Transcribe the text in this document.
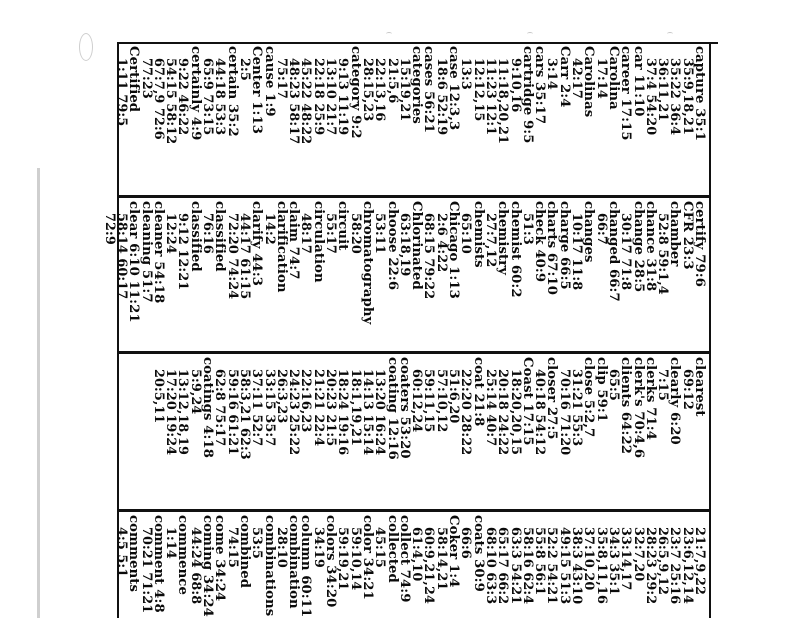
capture 35:1
35:9,18,21
35:22 36:4
36:11,21
37:4 54:20
car 11:10
career 17:15
Carolina
17:14
Carolinas
42:17
Carr 2:4
3:14
cars 35:17
cartridge 9:5
9:10,16
11:18,20,21
11:23 12:1
12:12,15
13:3
case 12:3,3
18:6 52:19
cases 56:21
categories
15:19,21
21:5,6
22:13,16
28:15,23
category 9:2
9:13 11:19
13:10 21:7
22:18 25:9
45:22 48:22
48:23 58:17
75:17
cause 1:9
Center 1:13
2:5
certain 35:2
44:18 53:3
65:9 73:15
certainly 4:9
9:22 46:22
54:15 58:12
67:7,9 72:6
77:23
Certified
1:11 79:5
certify 79:6
CFR 23:3
chamber
52:8 59:1,4
chance 31:8
change 28:5
30:17 71:8
changed 66:7
66:7
changes
10:17 11:8
charge 66:5
charts 67:10
check 40:9
51:3
chemist 60:2
chemistry
27:7,12
chemists
65:10
Chicago 1:13
2:6 4:22
68:15 79:22
Chlorinated
63:18,19
choose 22:6
53:11
chromatography
58:20
circuit
55:17
circulation
48:17
claim 74:7
clarification
14:2
clarify 44:3
44:17 61:15
72:20 74:24
classified
76:16
classified
9:12 12:21
12:24
cleaner 54:18
cleaning 51:7
clear 6:10 11:21
58:14 60:17
72:9
clearest
69:12
clearly 6:20
7:15
clerks 71:4
clerk's 70:4,6
clients 64:22
65:5
clip 59:1
close 5:2,7
31:21 55:3
70:16 71:20
closer 27:5
40:18 54:12
Coast 17:15
18:20,20,15
20:18 24:22
25:14 40:7
coat 21:8
22:20 28:22
51:6,20
57:10,12
59:11,15
60:12,24
coaters 53:20
coating 12:16
13:20 16:24
14:13 15:14
18:1,19,21
18:24 19:16
20:23 21:5
21:21 22:4
22:16,23
24:23 25:22
26:3,23
33:15 35:7
37:11 52:7
58:3,21 62:3
59:16 61:21
62:8 75:17
coatings 4:18
5:9,24
13:12,18,19
17:20 19:24
20:5,11
21:7,9,22
23:6,12,14
23:7 25:16
26:5,9,12
28:23 29:2
32:7,20
33:14,17
34:3 35:1
35:8,11,16
37:10,20
38:3 43:10
49:15 51:3
52:2 54:21
55:8 56:1
58:16 62:4
63:3 54:21
65:17 66:2
68:10 63:3
coats 30:9
66:6
Coker 1:4
58:14,21
60:9,21,24
61:4,10
collect 74:9
collected
45:15
color 34:21
59:10,14
59:19,21
colors 34:20
34:19
column 60:11
combination
28:10
combinations
53:5
combined
74:15
come 34:24
coming 34:24
44:24 68:8
commence
1:14
comment 4:8
70:21 71:21
comments
4:5 5:1
